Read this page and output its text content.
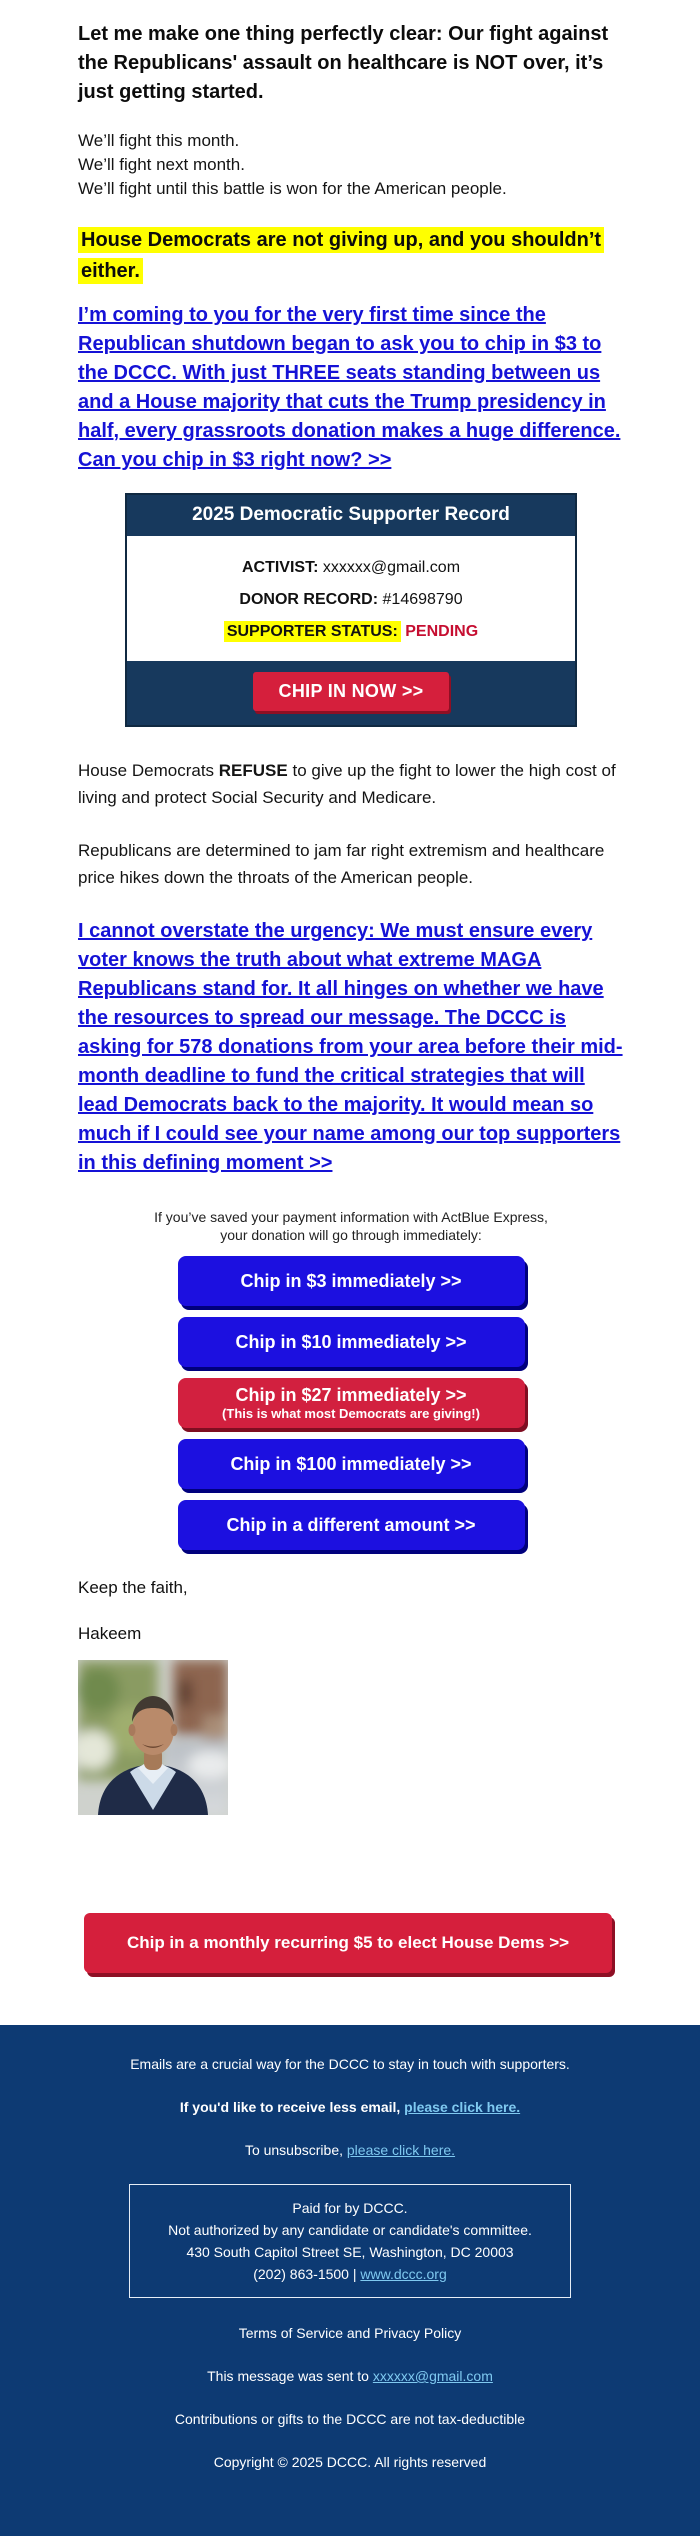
Let me make one thing perfectly clear: Our fight against the Republicans' assault on healthcare is NOT over, it’s just getting started.

We’ll fight this month.
We’ll fight next month.
We’ll fight until this battle is won for the American people.

House Democrats are not giving up, and you shouldn’t either.

I’m coming to you for the very first time since the Republican shutdown began to ask you to chip in $3 to the DCCC. With just THREE seats standing between us and a House majority that cuts the Trump presidency in half, every grassroots donation makes a huge difference. Can you chip in $3 right now? >>
2025 Democratic Supporter Record
ACTIVIST: xxxxxx@gmail.com
DONOR RECORD: #14698790
SUPPORTER STATUS: PENDING
CHIP IN NOW >>

House Democrats REFUSE to give up the fight to lower the high cost of living and protect Social Security and Medicare.

Republicans are determined to jam far right extremism and healthcare price hikes down the throats of the American people.

I cannot overstate the urgency: We must ensure every voter knows the truth about what extreme MAGA Republicans stand for. It all hinges on whether we have the resources to spread our message. The DCCC is asking for 578 donations from your area before their mid-month deadline to fund the critical strategies that will lead Democrats back to the majority. It would mean so much if I could see your name among our top supporters in this defining moment >>
If you’ve saved your payment information with ActBlue Express,
your donation will go through immediately:
Chip in $3 immediately >>
Chip in $10 immediately >>
Chip in $27 immediately >>
(This is what most Democrats are giving!)
Chip in $100 immediately >>
Chip in a different amount >>

Keep the faith,

Hakeem

Chip in a monthly recurring $5 to elect House Dems >>

Emails are a crucial way for the DCCC to stay in touch with supporters.

If you'd like to receive less email, please click here.

To unsubscribe, please click here.

Paid for by DCCC.
Not authorized by any candidate or candidate's committee.
430 South Capitol Street SE, Washington, DC 20003
(202) 863-1500 | www.dccc.org

Terms of Service and Privacy Policy

This message was sent to xxxxxx@gmail.com

Contributions or gifts to the DCCC are not tax-deductible

Copyright © 2025 DCCC. All rights reserved
